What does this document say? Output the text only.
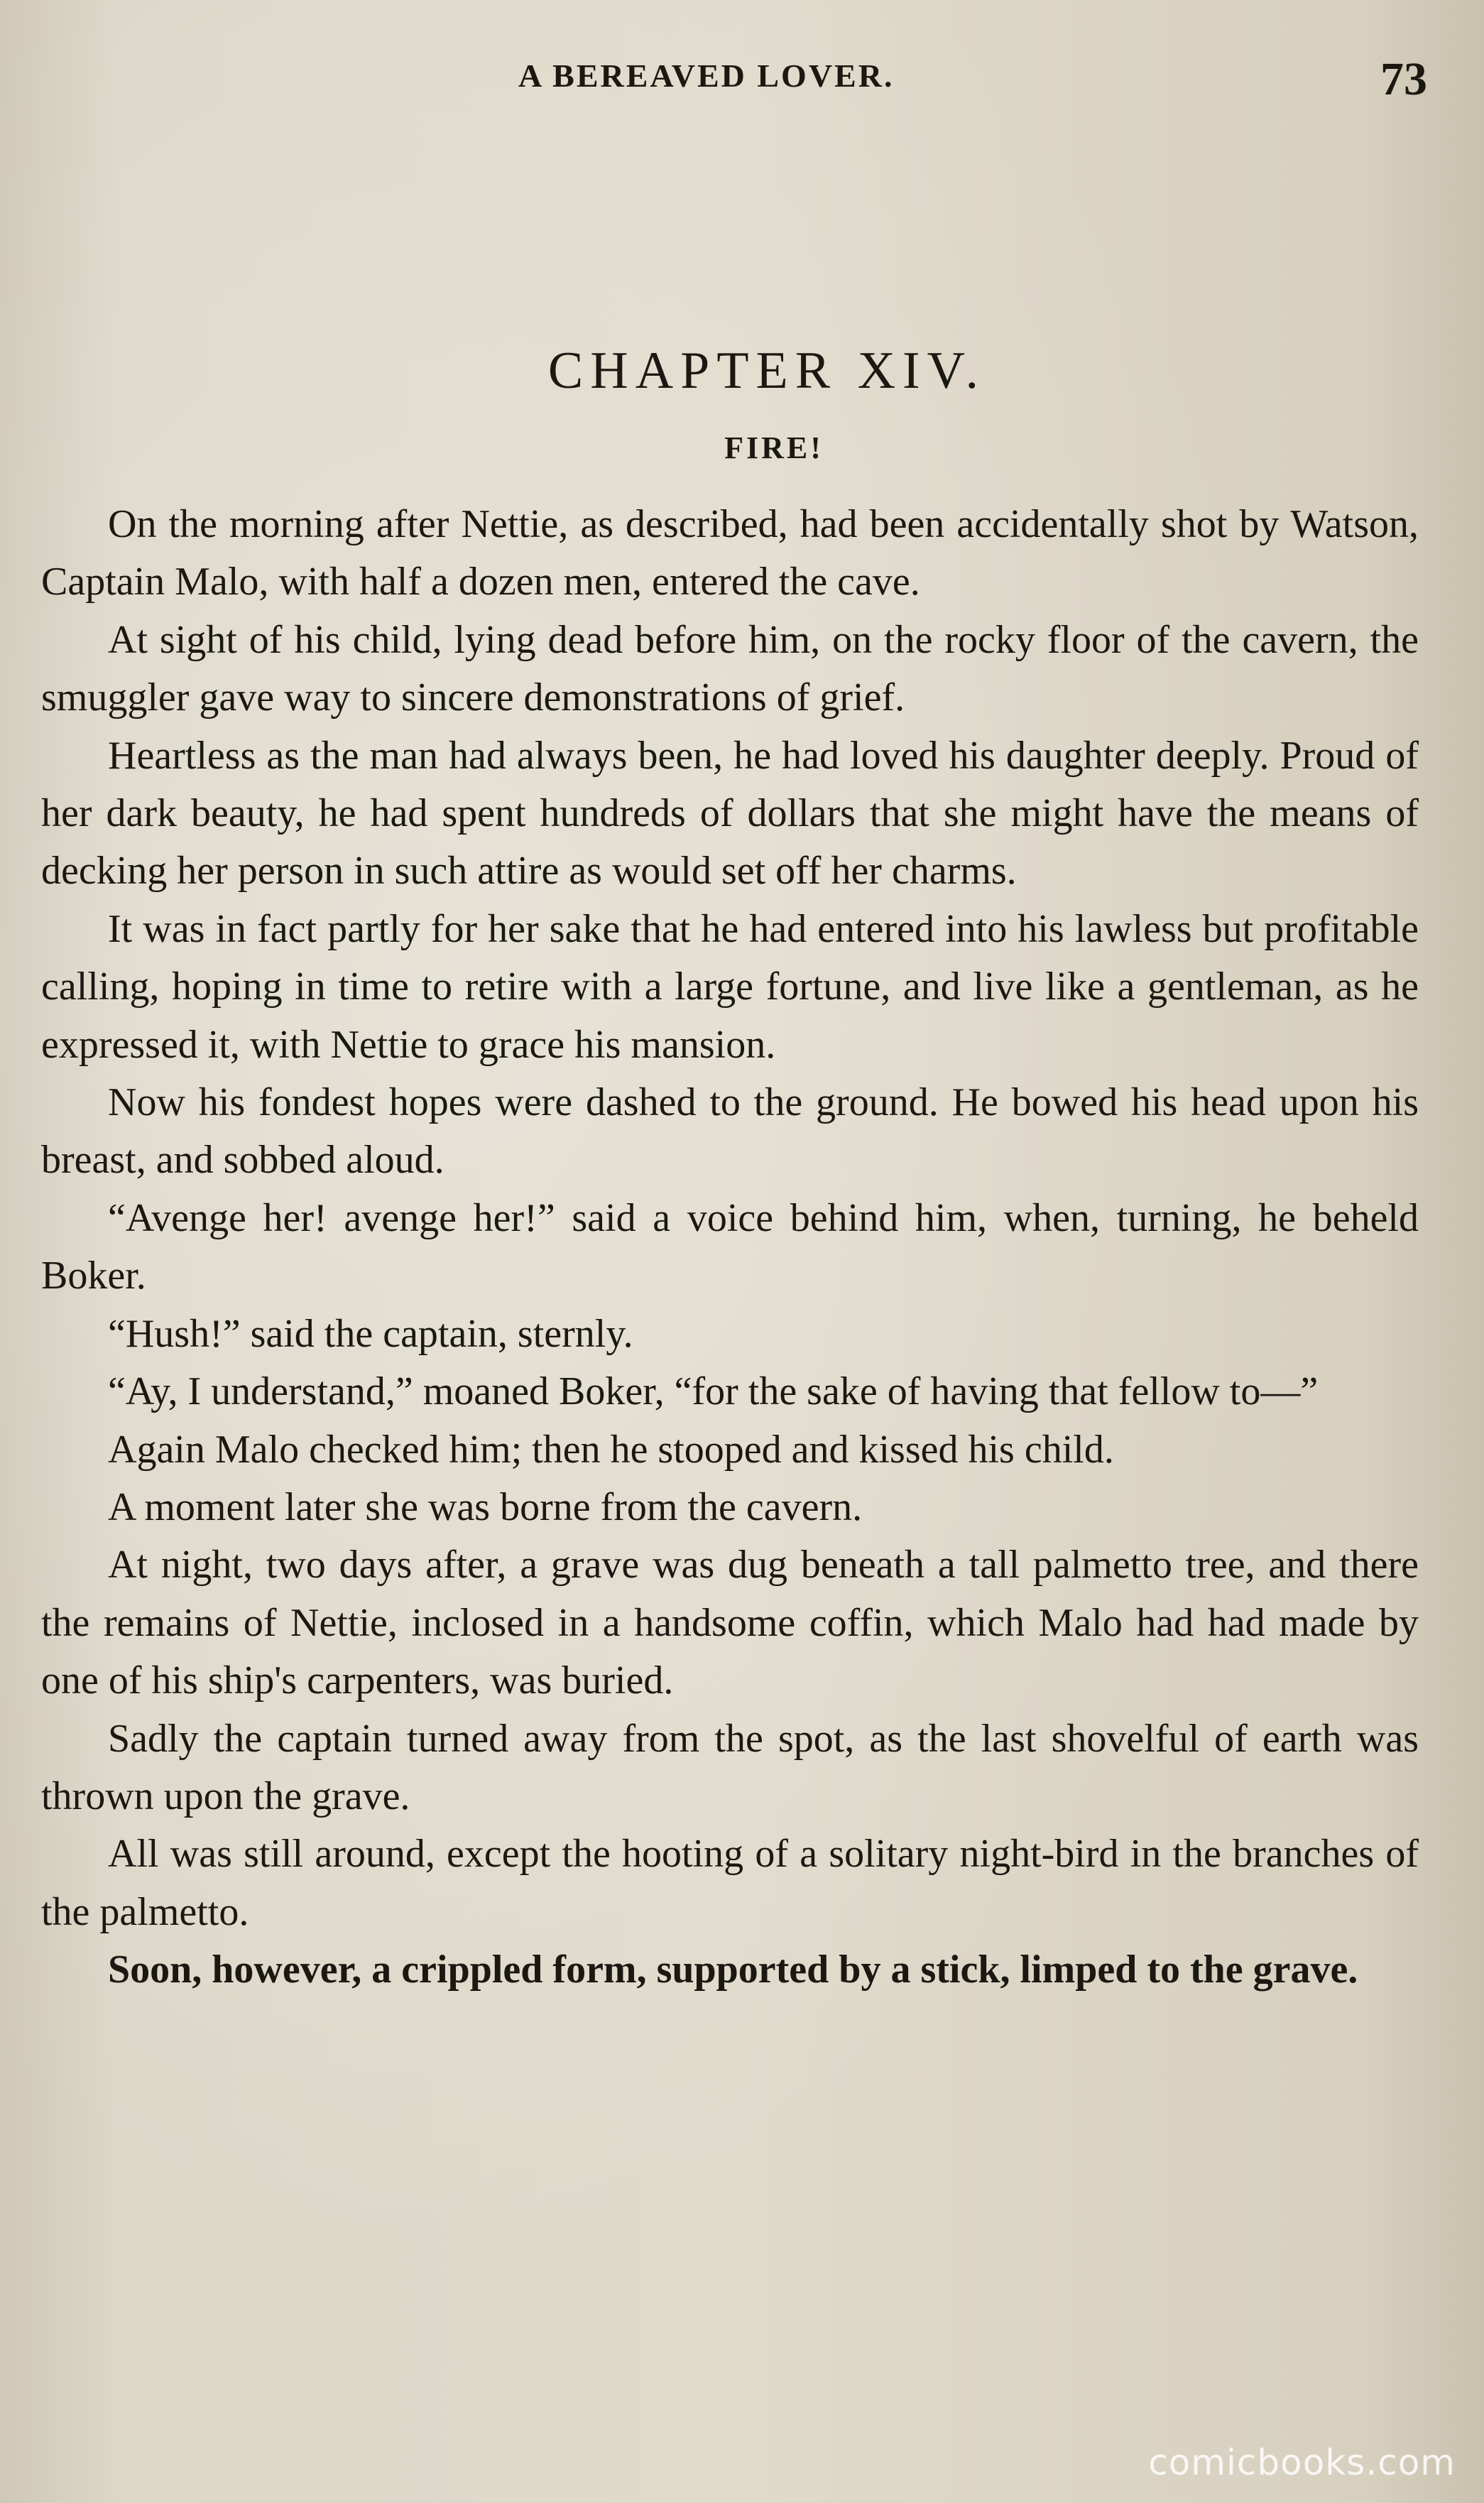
A BEREAVED LOVER.	73
CHAPTER XIV.
FIRE!

On the morning after Nettie, as described, had been accidentally shot by Watson, Captain Malo, with half a dozen men, entered the cave.

At sight of his child, lying dead before him, on the rocky floor of the cavern, the smuggler gave way to sincere demonstrations of grief.

Heartless as the man had always been, he had loved his daughter deeply. Proud of her dark beauty, he had spent hundreds of dollars that she might have the means of decking her person in such attire as would set off her charms.

It was in fact partly for her sake that he had entered into his lawless but profitable calling, hoping in time to retire with a large fortune, and live like a gentleman, as he expressed it, with Nettie to grace his mansion.

Now his fondest hopes were dashed to the ground. He bowed his head upon his breast, and sobbed aloud.

“Avenge her! avenge her!” said a voice behind him, when, turning, he beheld Boker.

“Hush!” said the captain, sternly.

“Ay, I understand,” moaned Boker, “for the sake of having that fellow to—”

Again Malo checked him; then he stooped and kissed his child.

A moment later she was borne from the cavern.

At night, two days after, a grave was dug beneath a tall palmetto tree, and there the remains of Nettie, inclosed in a handsome coffin, which Malo had had made by one of his ship's carpenters, was buried.

Sadly the captain turned away from the spot, as the last shovelful of earth was thrown upon the grave.

All was still around, except the hooting of a solitary night-bird in the branches of the palmetto.

Soon, however, a crippled form, supported by a stick, limped to the grave.

comicbooks.com
